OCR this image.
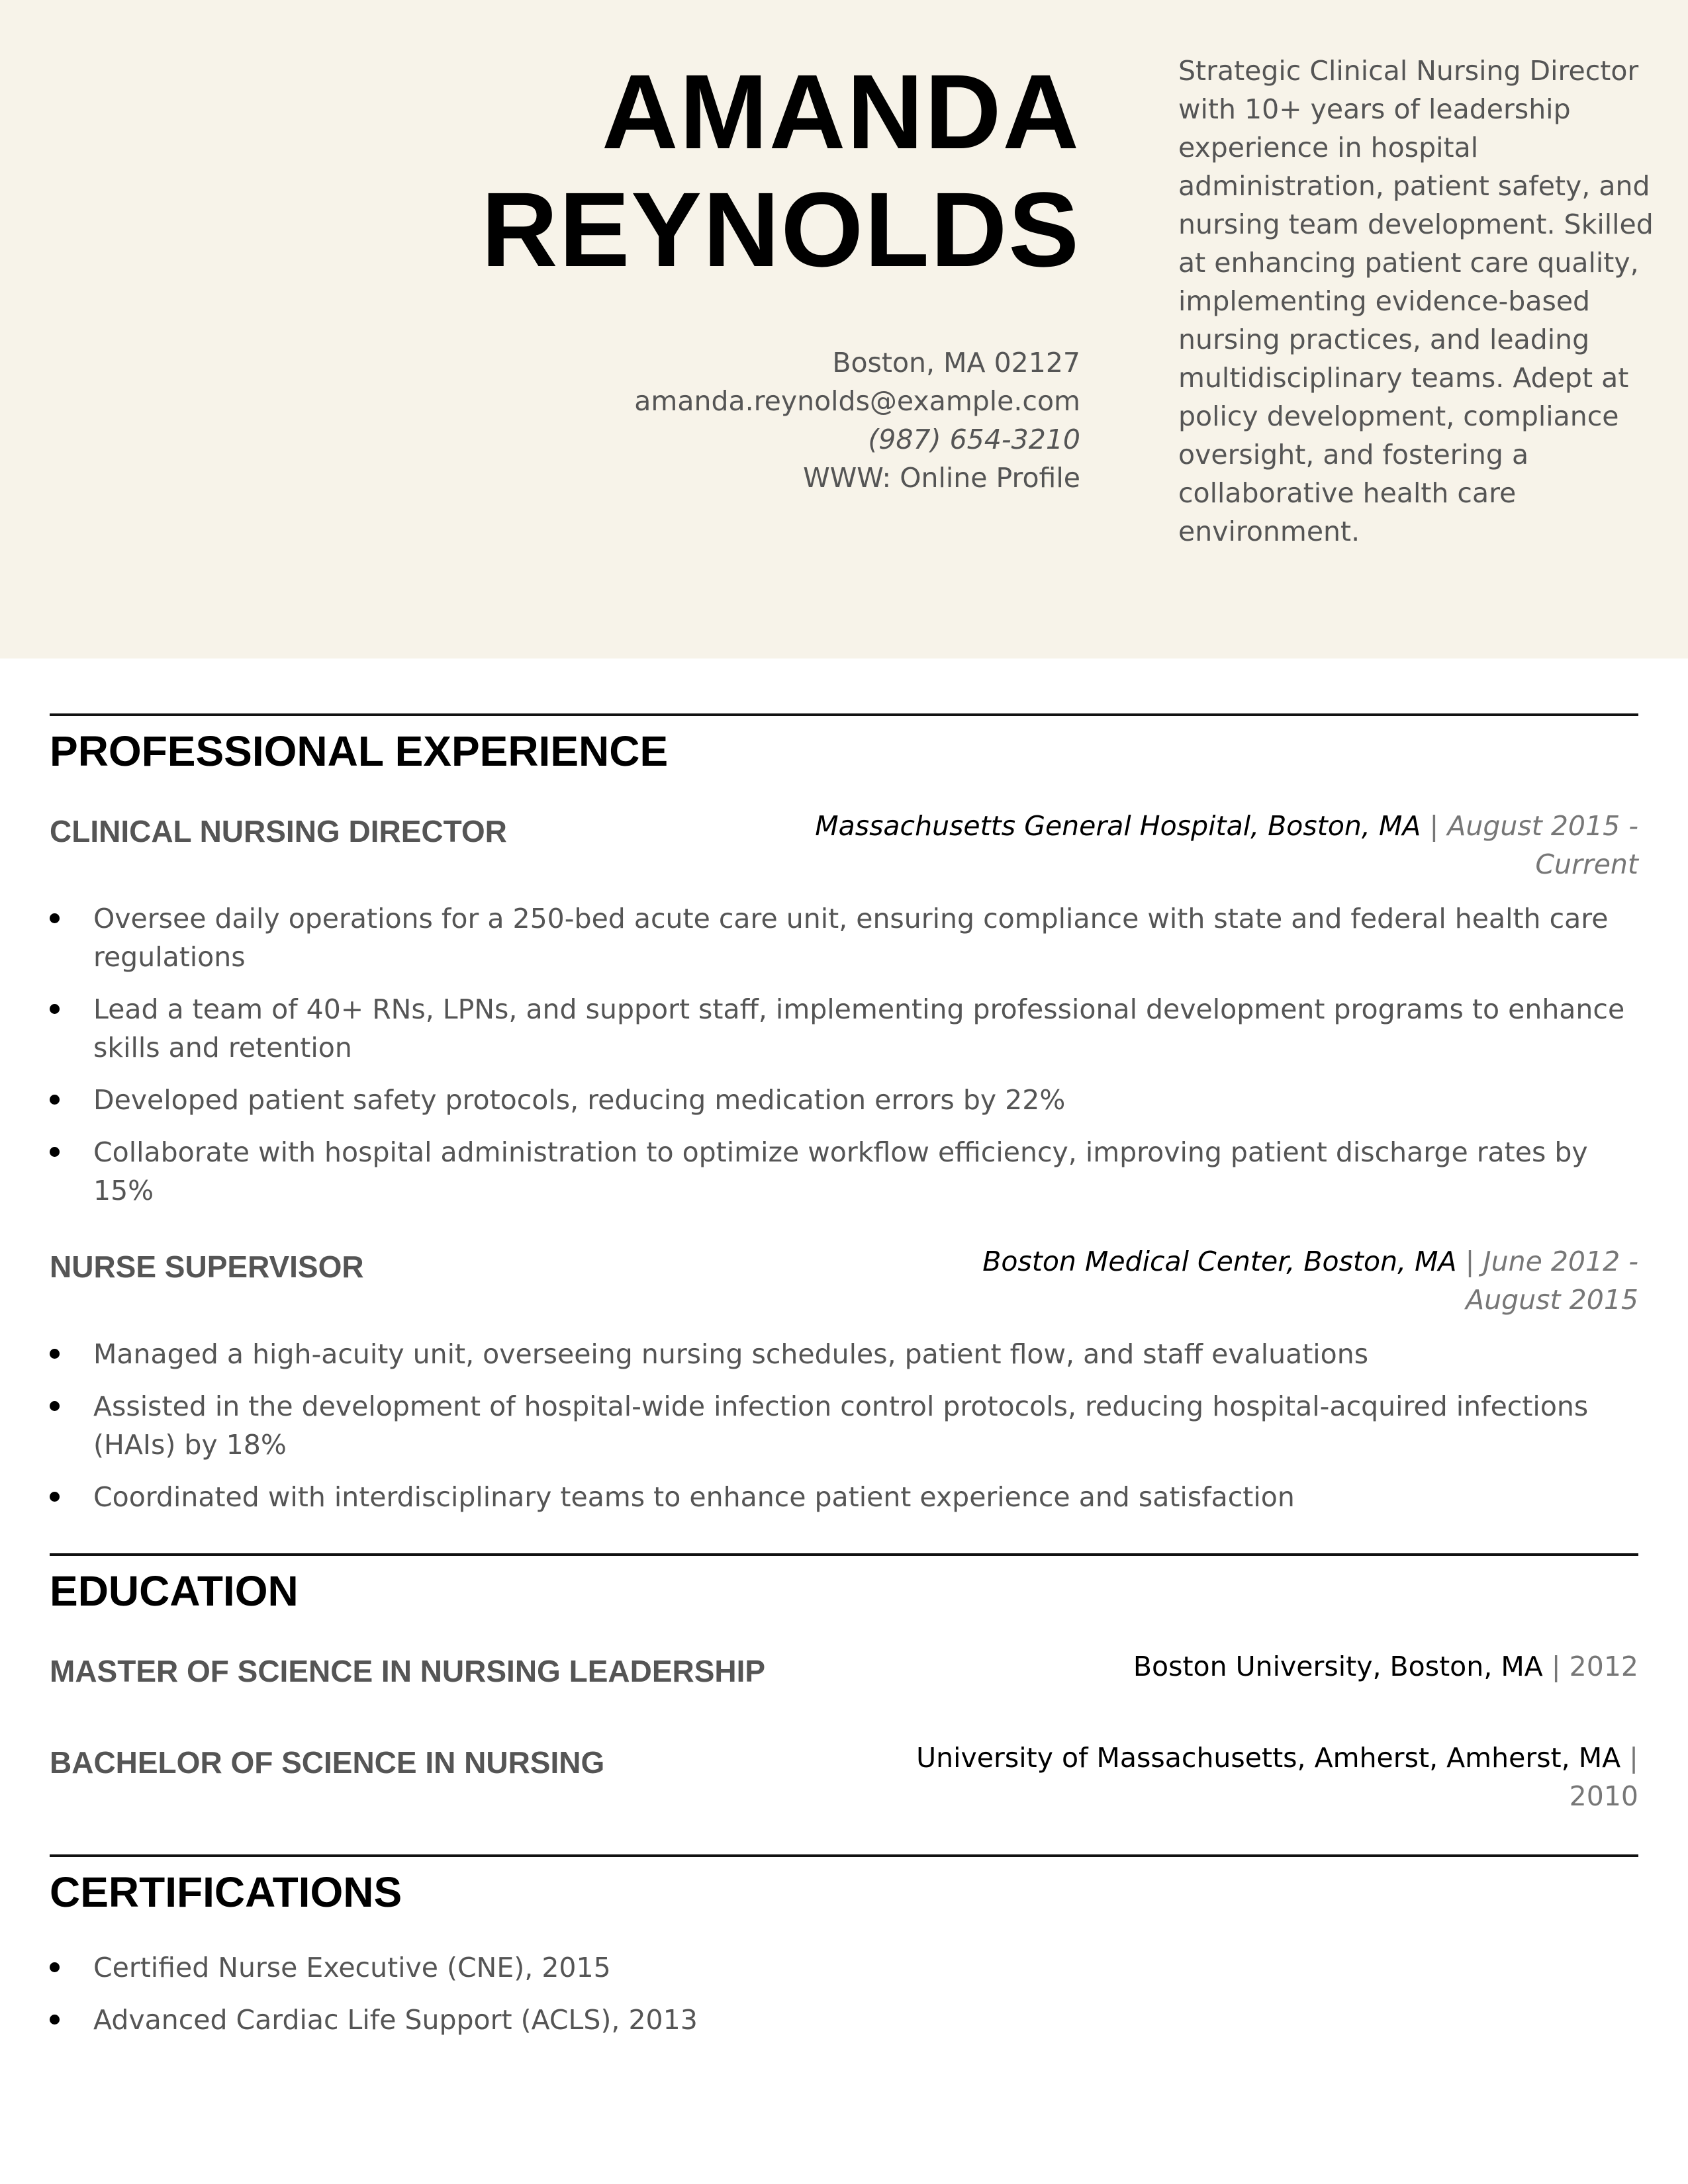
AMANDA
REYNOLDS
Boston, MA 02127
amanda.reynolds@example.com
(987) 654-3210
WWW: Online Profile

Strategic Clinical Nursing Director with 10+ years of leadership experience in hospital administration, patient safety, and nursing team development. Skilled at enhancing patient care quality, implementing evidence-based nursing practices, and leading multidisciplinary teams. Adept at policy development, compliance oversight, and fostering a collaborative health care environment.

PROFESSIONAL EXPERIENCE
CLINICAL NURSING DIRECTOR	Massachusetts General Hospital, Boston, MA | August 2015 - Current
Oversee daily operations for a 250-bed acute care unit, ensuring compliance with state and federal health care regulations
Lead a team of 40+ RNs, LPNs, and support staff, implementing professional development programs to enhance skills and retention
Developed patient safety protocols, reducing medication errors by 22%
Collaborate with hospital administration to optimize workflow efficiency, improving patient discharge rates by 15%
NURSE SUPERVISOR	Boston Medical Center, Boston, MA | June 2012 - August 2015
Managed a high-acuity unit, overseeing nursing schedules, patient flow, and staff evaluations
Assisted in the development of hospital-wide infection control protocols, reducing hospital-acquired infections (HAIs) by 18%
Coordinated with interdisciplinary teams to enhance patient experience and satisfaction
EDUCATION
MASTER OF SCIENCE IN NURSING LEADERSHIP	Boston University, Boston, MA | 2012
BACHELOR OF SCIENCE IN NURSING	University of Massachusetts, Amherst, Amherst, MA | 2010
CERTIFICATIONS
Certified Nurse Executive (CNE), 2015
Advanced Cardiac Life Support (ACLS), 2013
